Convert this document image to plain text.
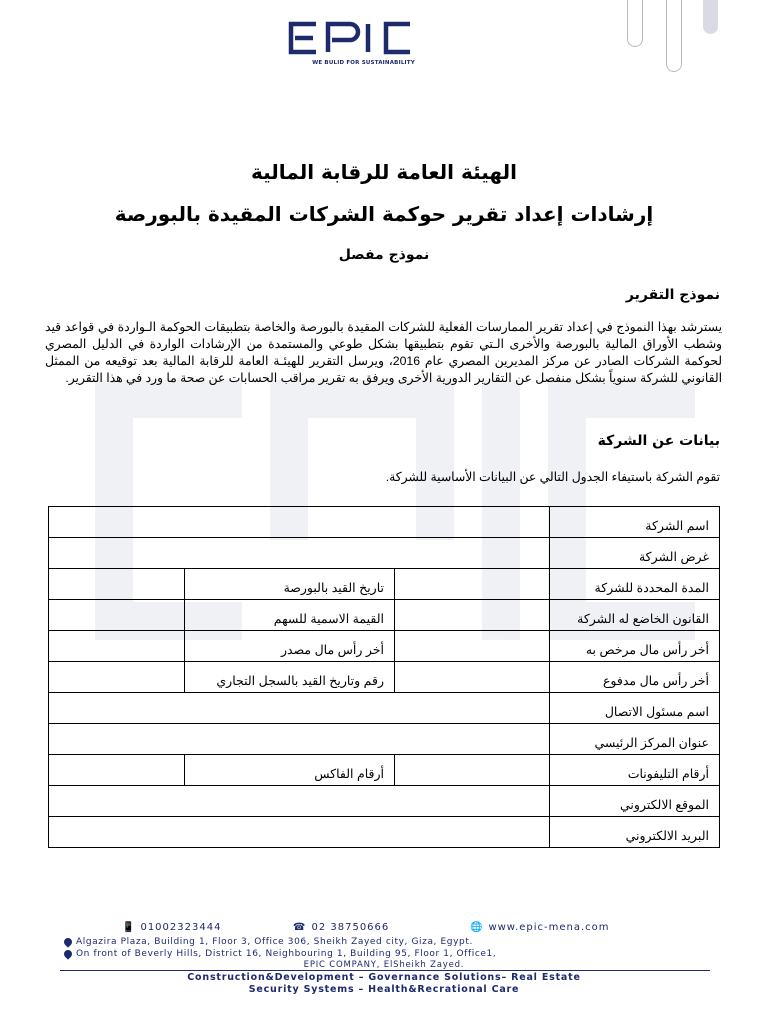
WE BULID FOR SUSTAINABILITY
الهيئة العامة للرقابة المالية
إرشادات إعداد تقرير حوكمة الشركات المقيدة بالبورصة
نموذج مفصل
نموذج التقرير

يسترشد بهذا النموذج في إعداد تقرير الممارسات الفعلية للشركات المقيدة بالبورصة والخاصة بتطبيقات الحوكمة الـواردة في قواعد قيد وشطب الأوراق المالية بالبورصة والأخرى الـتي تقوم بتطبيقها بشكل طوعي والمستمدة من الإرشادات الواردة في الدليل المصري لحوكمة الشركات الصادر عن مركز المديرين المصري عام 2016، ويرسل التقرير للهيئـة العامة للرقابة المالية بعد توقيعه من الممثل القانوني للشركة سنوياً بشكل منفصل عن التقارير الدورية الأخرى ويرفق به تقرير مراقب الحسابات عن صحة ما ورد في هذا التقرير.

بيانات عن الشركة
تقوم الشركة باستيفاء الجدول التالي عن البيانات الأساسية للشركة.
اسم الشركة			
غرض الشركة			
المدة المحددة للشركة		تاريخ القيد بالبورصة	
القانون الخاضع له الشركة		القيمة الاسمية للسهم	
أخر رأس مال مرخص به		أخر رأس مال مصدر	
أخر رأس مال مدفوع		رقم وتاريخ القيد بالسجل التجاري	
اسم مسئول الاتصال			
عنوان المركز الرئيسي			
أرقام التليفونات		أرقام الفاكس	
الموقع الالكتروني			
البريد الالكتروني			
📱 01002323444	☎ 02 38750666	🌐 www.epic-mena.com
Algazira Plaza, Building 1, Floor 3, Office 306, Sheikh Zayed city, Giza, Egypt.
On front of Beverly Hills, District 16, Neighbouring 1, Building 95, Floor 1, Office1,
EPIC COMPANY, ElSheikh Zayed.
Construction&Development – Governance Solutions– Real Estate
Security Systems – Health&Recrational Care
